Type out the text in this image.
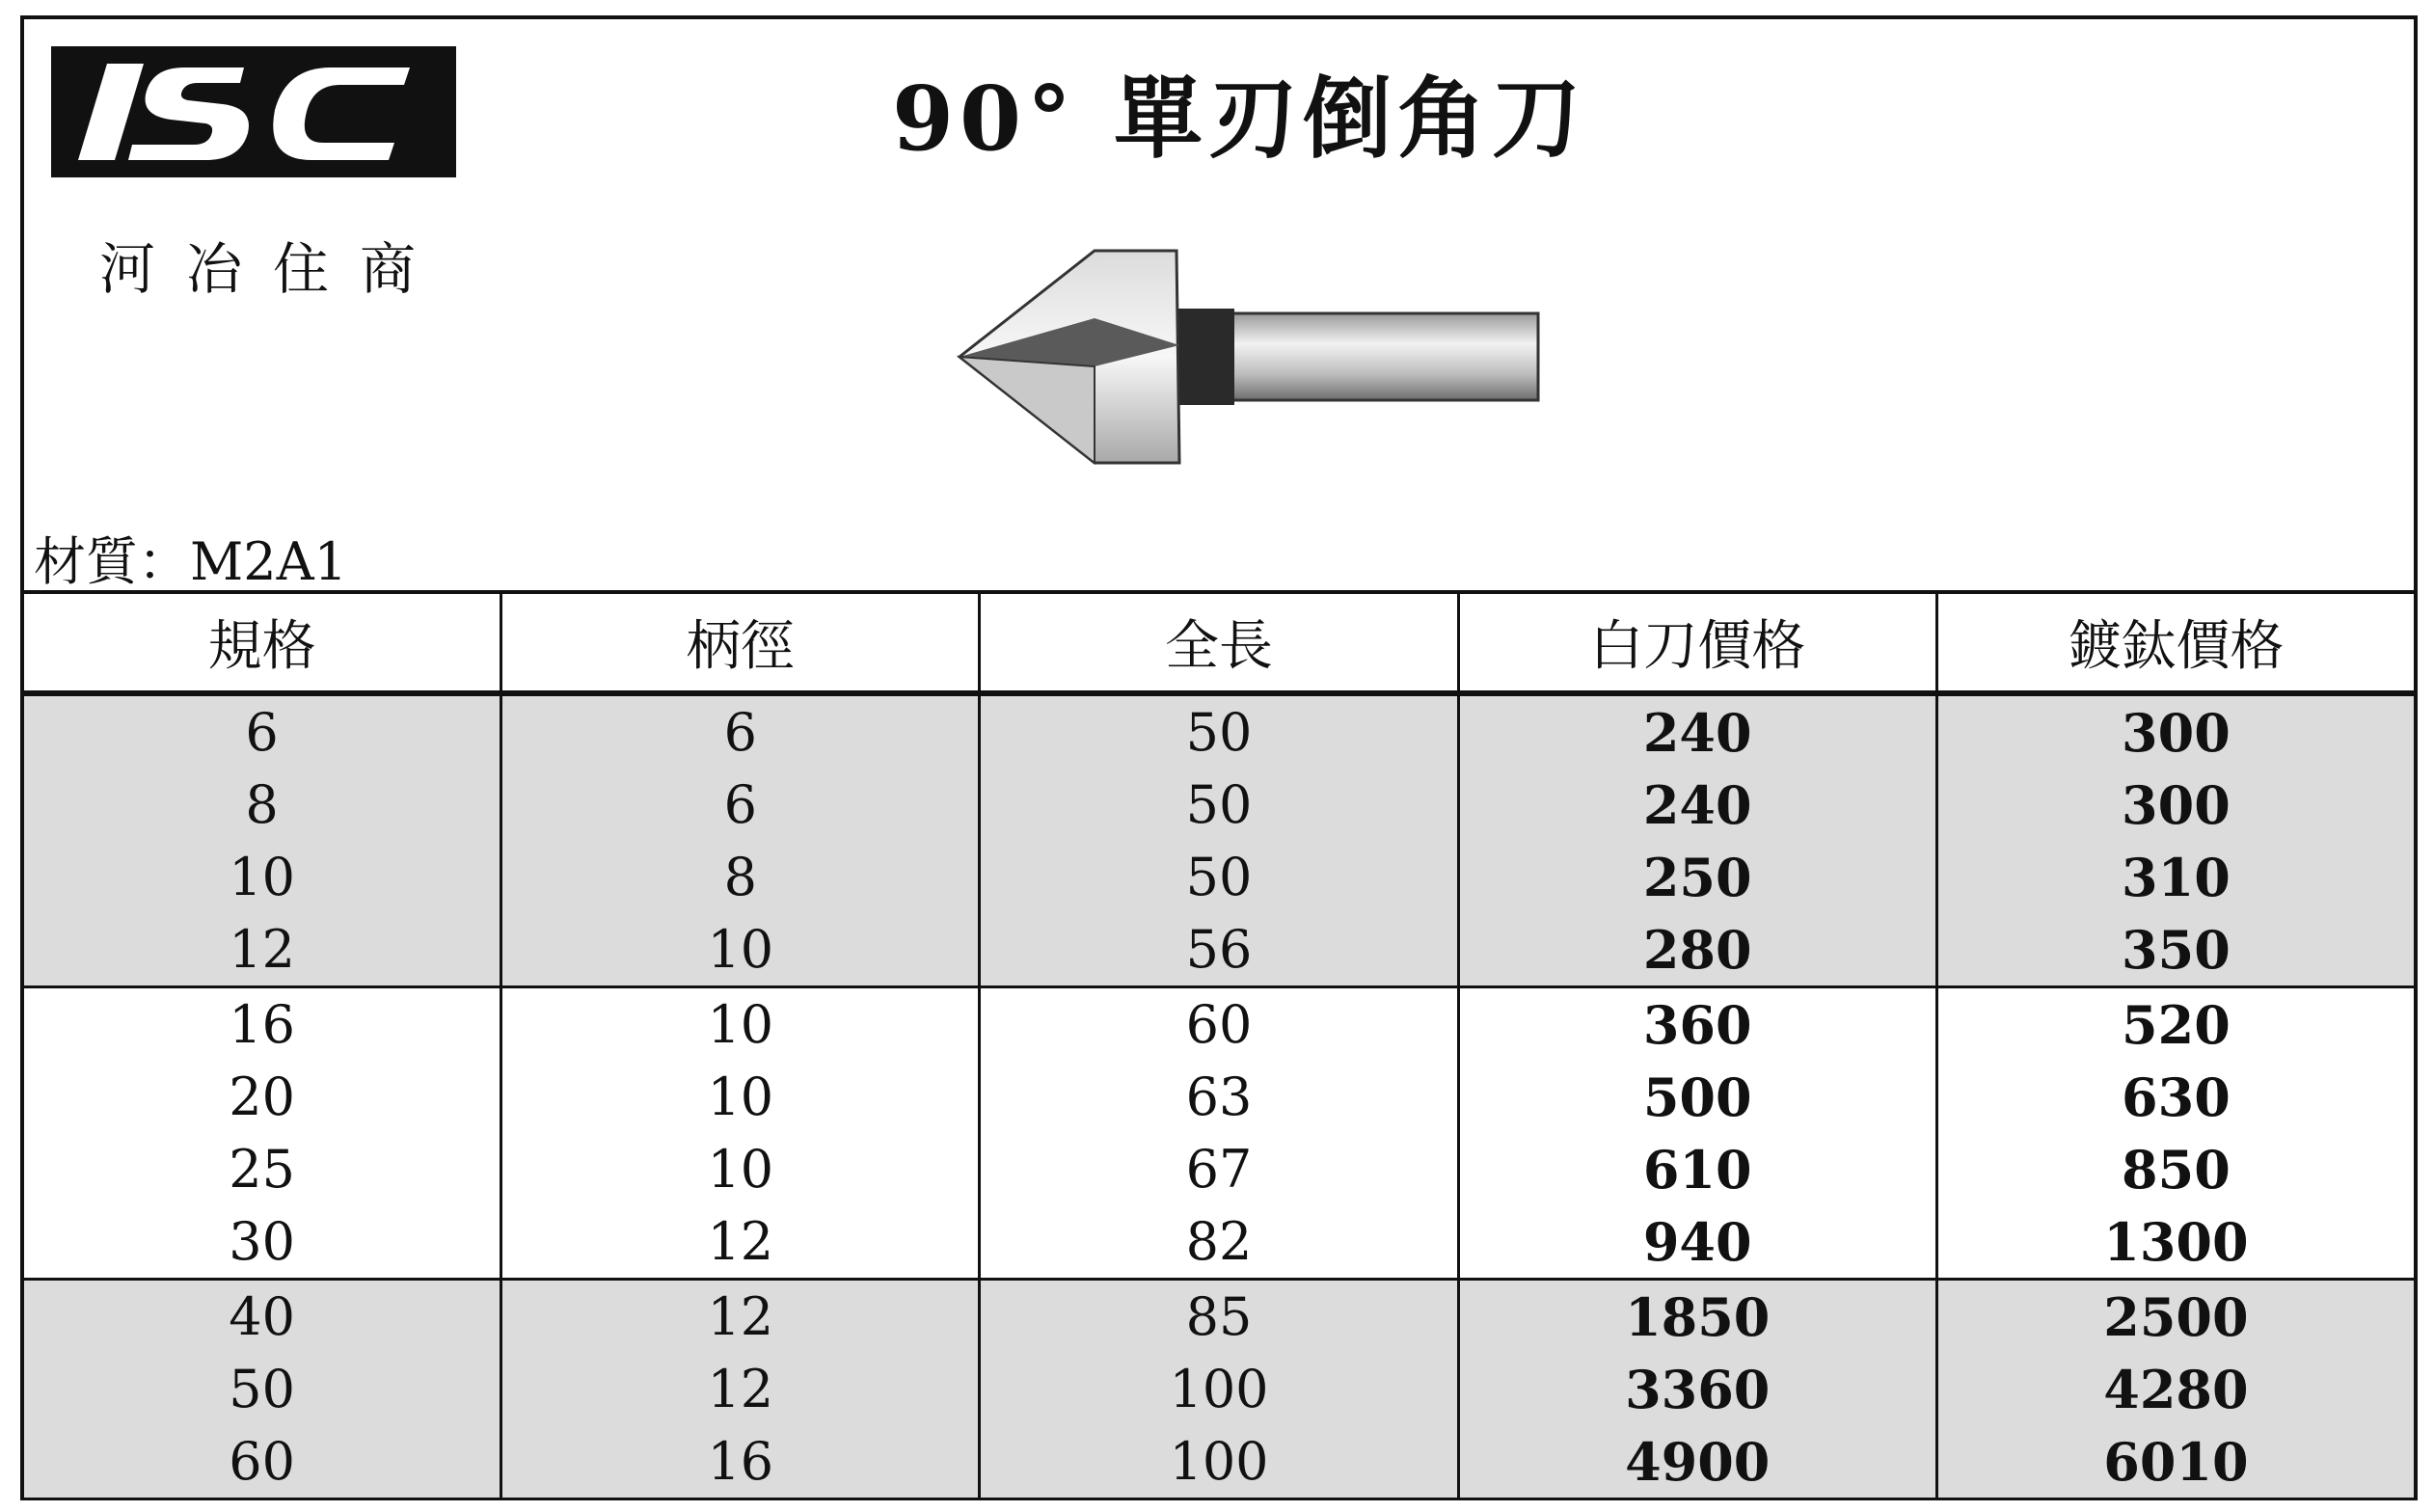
河冶住商
90° 單刃倒角刀
材質：M2A1
規格	柄徑	全長	白刀價格	鍍鈦價格
6	6	50	240	300
8	6	50	240	300
10	8	50	250	310
12	10	56	280	350
16	10	60	360	520
20	10	63	500	630
25	10	67	610	850
30	12	82	940	1300
40	12	85	1850	2500
50	12	100	3360	4280
60	16	100	4900	6010
